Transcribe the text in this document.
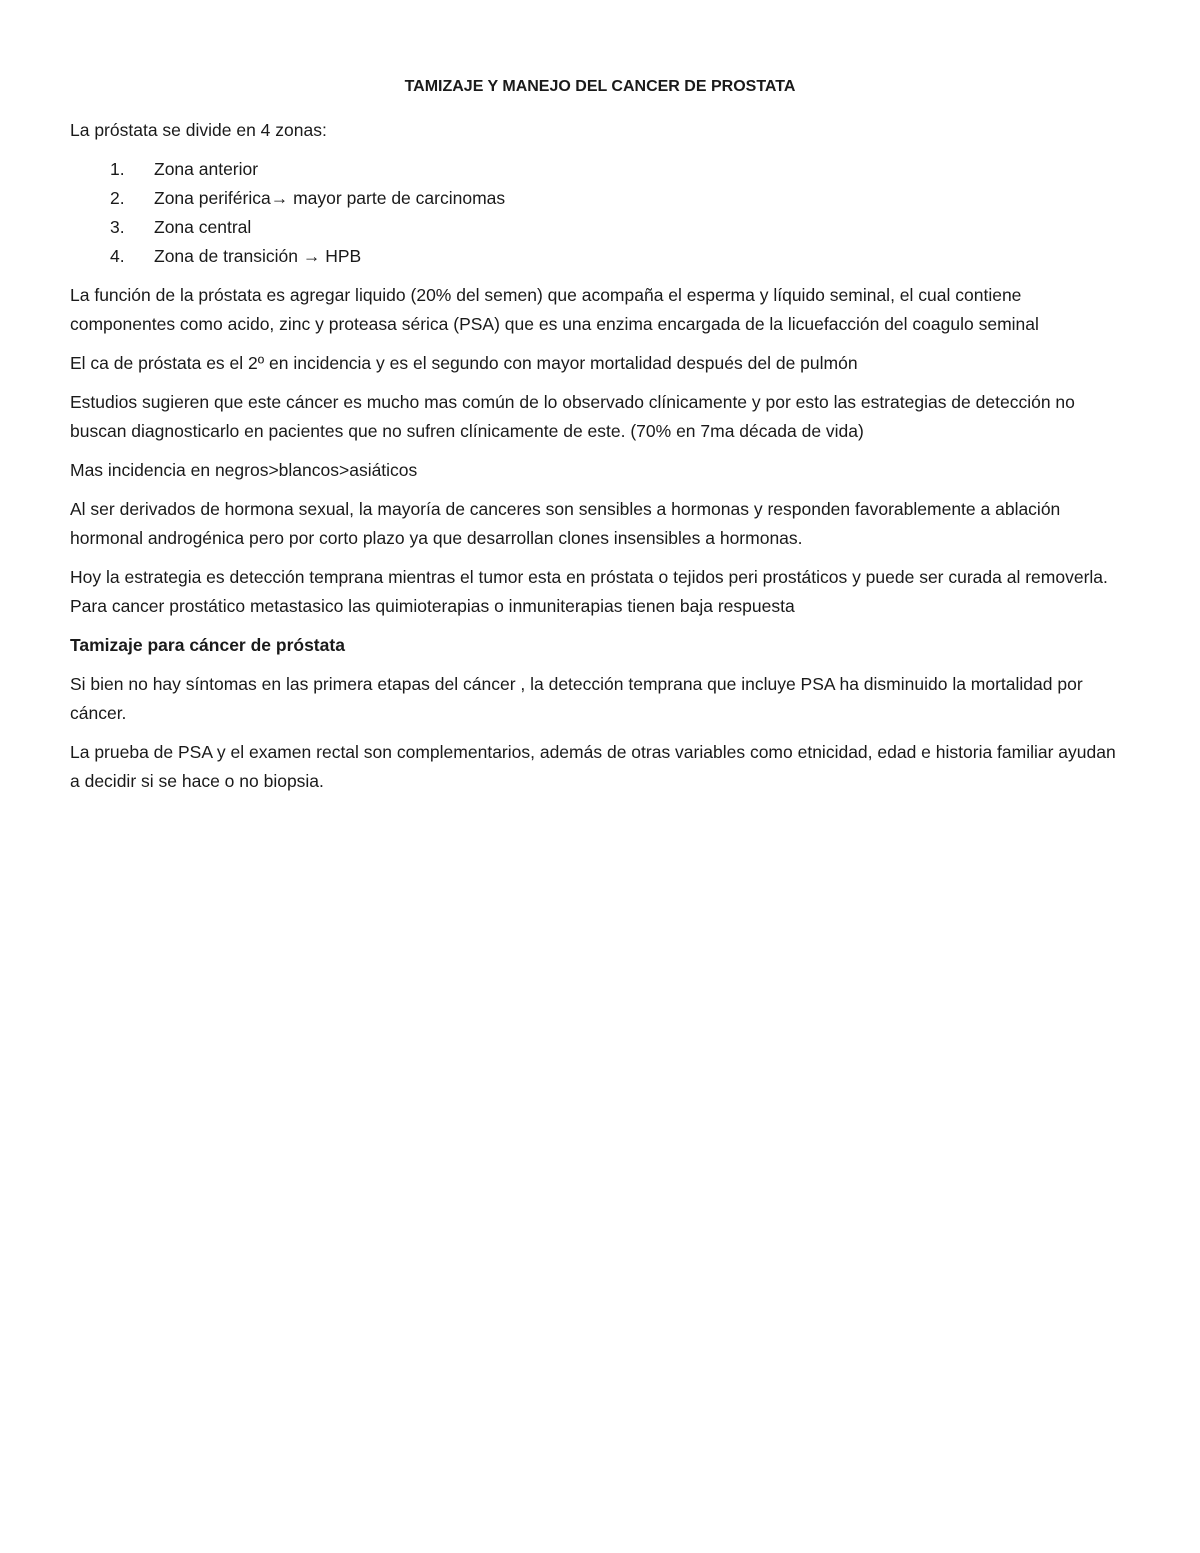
TAMIZAJE Y MANEJO DEL CANCER DE PROSTATA

La próstata se divide en 4 zonas:

1.	Zona anterior
2.	Zona periférica→ mayor parte de carcinomas
3.	Zona central
4.	Zona de transición → HPB

La función de la próstata es agregar liquido (20% del semen) que acompaña el esperma y líquido seminal, el cual contiene componentes como acido, zinc y proteasa sérica (PSA) que es una enzima encargada de la licuefacción del coagulo seminal

El ca de próstata es el 2º en incidencia y es el segundo con mayor mortalidad después del de pulmón

Estudios sugieren que este cáncer es mucho mas común de lo observado clínicamente y por esto las estrategias de detección no buscan diagnosticarlo en pacientes que no sufren clínicamente de este. (70% en 7ma década de vida)

Mas incidencia en negros>blancos>asiáticos

Al ser derivados de hormona sexual, la mayoría de canceres son sensibles a hormonas y responden favorablemente a ablación hormonal androgénica pero por corto plazo ya que desarrollan clones insensibles a hormonas.

Hoy la estrategia es detección temprana mientras el tumor esta en próstata o tejidos peri prostáticos y puede ser curada al removerla. Para cancer prostático metastasico las quimioterapias o inmuniterapias tienen baja respuesta

Tamizaje para cáncer de próstata

Si bien no hay síntomas en las primera etapas del cáncer , la detección temprana que incluye PSA ha disminuido la mortalidad por cáncer.

La prueba de PSA y el examen rectal son complementarios, además de otras variables como etnicidad, edad e historia familiar ayudan a decidir si se hace o no biopsia.
